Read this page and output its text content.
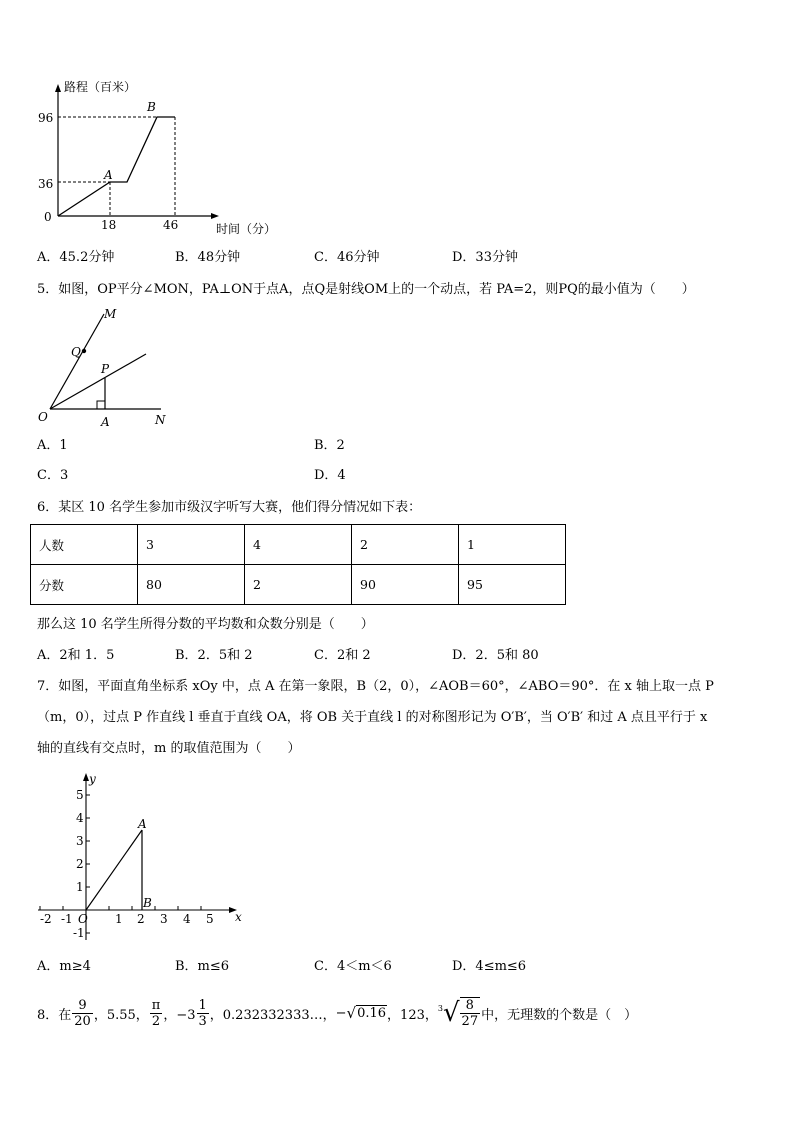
路程（百米）
96
36
0
18	46	时间（分）
A
B
A．45.2分钟	B．48分钟	C．46分钟	D．33分钟
5．如图，OP平分∠MON，PA⊥ON于点A，点Q是射线OM上的一个动点，若 PA=2，则PQ的最小值为（　　）
M
Q
P
O	A	N
A．1	B．2
C．3	D．4
6．某区 10 名学生参加市级汉字听写大赛，他们得分情况如下表：
人数	3	4	2	1
分数	80	2	90	95
那么这 10 名学生所得分数的平均数和众数分别是（　　）
A．2和 1．5	B．2．5和 2	C．2和 2	D．2．5和 80
7．如图，平面直角坐标系 xOy 中，点 A 在第一象限，B（2，0），∠AOB＝60°，∠ABO＝90°．在 x 轴上取一点 P
（m，0），过点 P 作直线 l 垂直于直线 OA，将 OB 关于直线 l 的对称图形记为 O′B′，当 O′B′ 和过 A 点且平行于 x
轴的直线有交点时，m 的取值范围为（　　）
y
x
O
A
B
5
4
3
2
1
-1
-2 -1	1 2 3 4 5
A．m≥4	B．m≤6	C．4＜m＜6	D．4≤m≤6
8．在 $\frac{9}{20}$ ，5.55， $\frac{\pi}{2}$ ，$-3 \frac{1}{3}$ ，0.232332333…， − √ 0.16 ，123， 3 √ $\frac{8}{27}$ 中，无理数的个数是（　）
